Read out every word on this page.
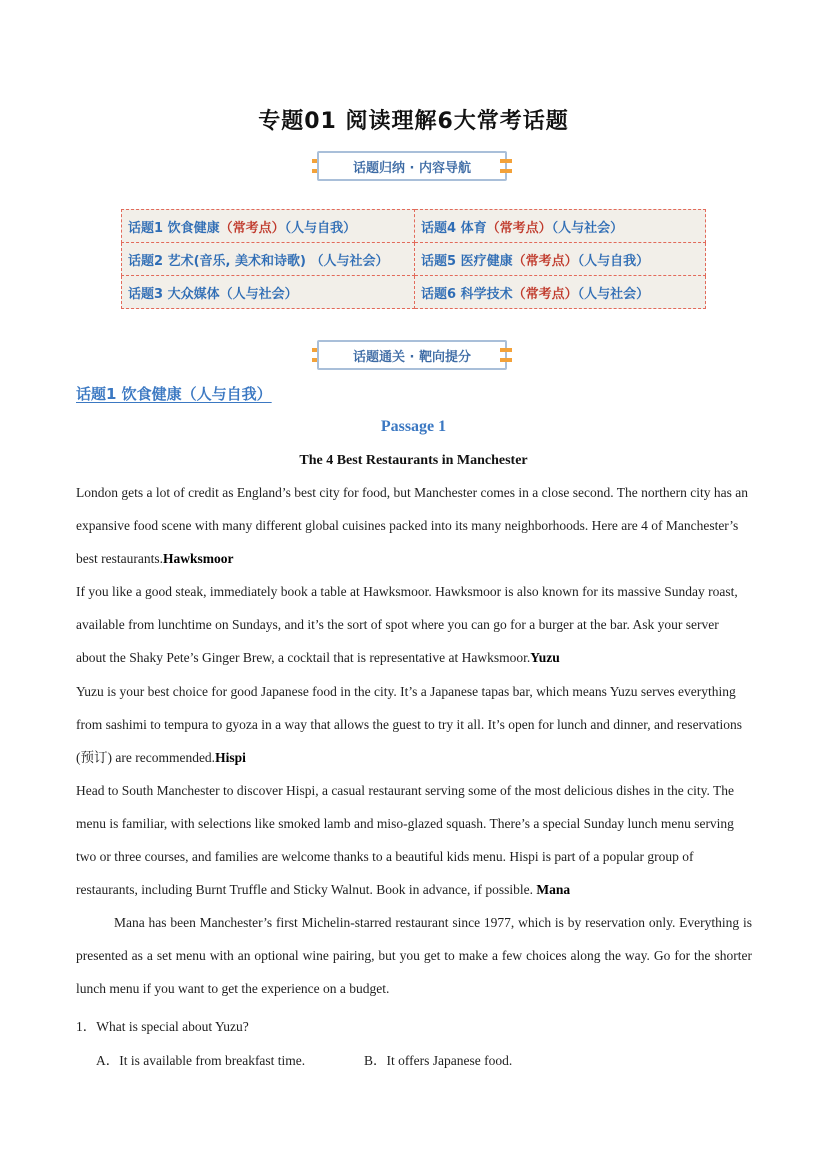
专题01 阅读理解6大常考话题
话题归纳 · 内容导航
话题1 饮食健康（常考点）（人与自我）	话题4 体育（常考点）（人与社会）
话题2 艺术(音乐, 美术和诗歌) （人与社会）	话题5 医疗健康（常考点）（人与自我）
话题3 大众媒体（人与社会）	话题6 科学技术（常考点）（人与社会）
话题通关 · 靶向提分
话题1 饮食健康（人与自我）
Passage 1
The 4 Best Restaurants in Manchester

London gets a lot of credit as England’s best city for food, but Manchester comes in a close second. The northern city has an expansive food scene with many different global cuisines packed into its many neighborhoods. Here are 4 of Manchester’s best restaurants.Hawksmoor

If you like a good steak, immediately book a table at Hawksmoor. Hawksmoor is also known for its massive Sunday roast, available from lunchtime on Sundays, and it’s the sort of spot where you can go for a burger at the bar. Ask your server about the Shaky Pete’s Ginger Brew, a cocktail that is representative at Hawksmoor.Yuzu

Yuzu is your best choice for good Japanese food in the city. It’s a Japanese tapas bar, which means Yuzu serves everything from sashimi to tempura to gyoza in a way that allows the guest to try it all. It’s open for lunch and dinner, and reservations (预订) are recommended.Hispi

Head to South Manchester to discover Hispi, a casual restaurant serving some of the most delicious dishes in the city. The menu is familiar, with selections like smoked lamb and miso-glazed squash. There’s a special Sunday lunch menu serving two or three courses, and families are welcome thanks to a beautiful kids menu. Hispi is part of a popular group of restaurants, including Burnt Truffle and Sticky Walnut. Book in advance, if possible. Mana

Mana has been Manchester’s first Michelin-starred restaurant since 1977, which is by reservation only. Everything is presented as a set menu with an optional wine pairing, but you get to make a few choices along the way. Go for the shorter lunch menu if you want to get the experience on a budget.

1．What is special about Yuzu?
A．It is available from breakfast time.	B．It offers Japanese food.
